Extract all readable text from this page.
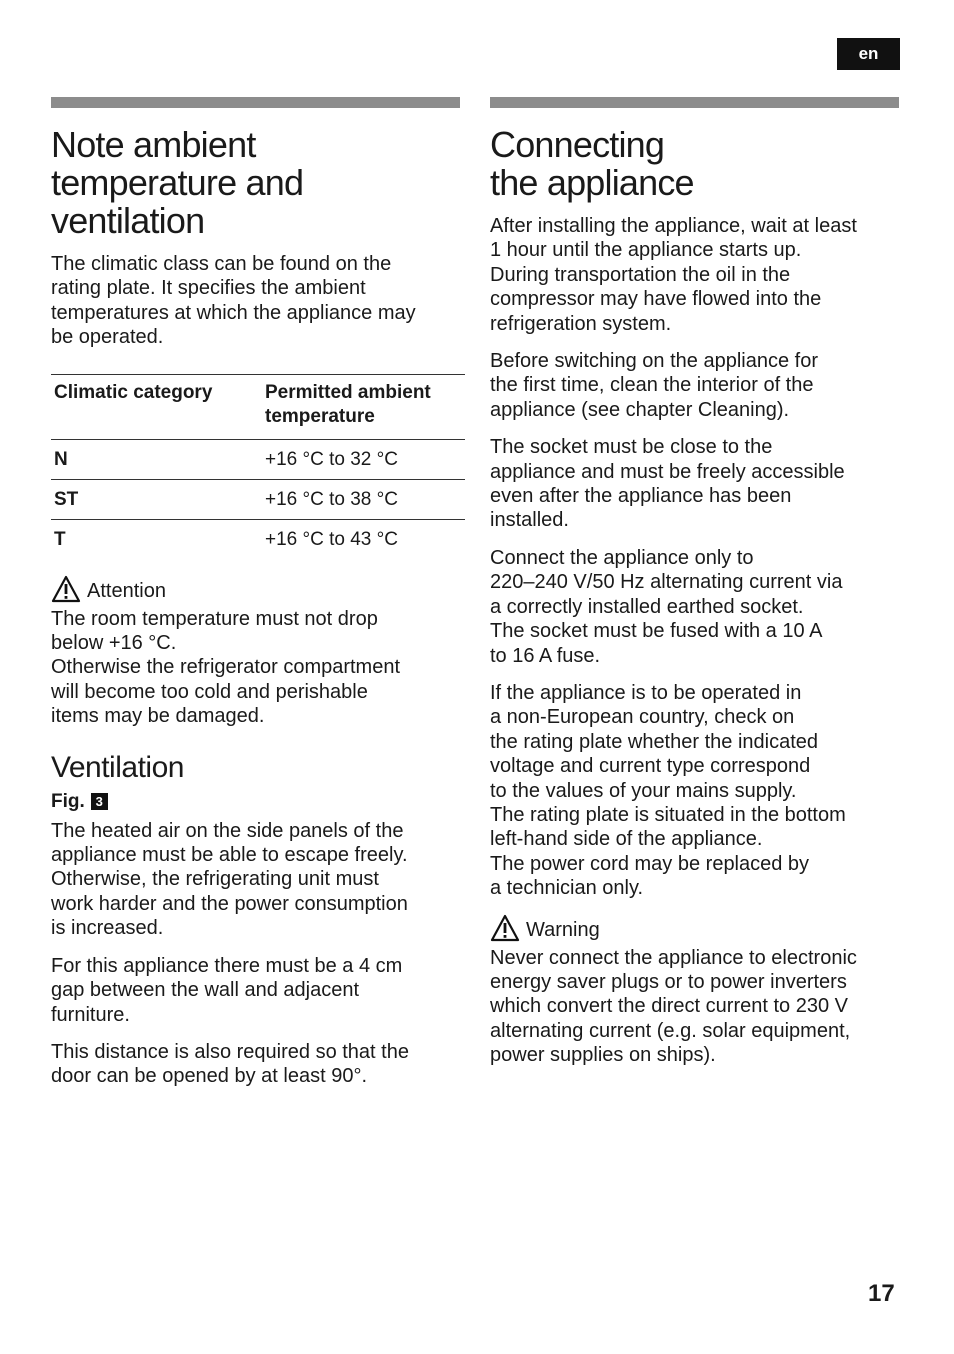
en
Note ambient
temperature and
ventilation

The climatic class can be found on the
rating plate. It specifies the ambient
temperatures at which the appliance may
be operated.

Climatic category	Permitted ambient
temperature
N	+16 °C to 32 °C
ST	+16 °C to 38 °C
T	+16 °C to 43 °C
Attention

The room temperature must not drop
below +16 °C.
Otherwise the refrigerator compartment
will become too cold and perishable
items may be damaged.

Ventilation
Fig. 3

The heated air on the side panels of the
appliance must be able to escape freely.
Otherwise, the refrigerating unit must
work harder and the power consumption
is increased.

For this appliance there must be a 4 cm
gap between the wall and adjacent
furniture.

This distance is also required so that the
door can be opened by at least 90°.

Connecting
the appliance

After installing the appliance, wait at least
1 hour until the appliance starts up.
During transportation the oil in the
compressor may have flowed into the
refrigeration system.

Before switching on the appliance for
the first time, clean the interior of the
appliance (see chapter Cleaning).

The socket must be close to the
appliance and must be freely accessible
even after the appliance has been
installed.

Connect the appliance only to
220–240 V/50 Hz alternating current via
a correctly installed earthed socket.
The socket must be fused with a 10 A
to 16 A fuse.

If the appliance is to be operated in
a non-European country, check on
the rating plate whether the indicated
voltage and current type correspond
to the values of your mains supply.
The rating plate is situated in the bottom
left-hand side of the appliance.
The power cord may be replaced by
a technician only.

Warning

Never connect the appliance to electronic
energy saver plugs or to power inverters
which convert the direct current to 230 V
alternating current (e.g. solar equipment,
power supplies on ships).

17
